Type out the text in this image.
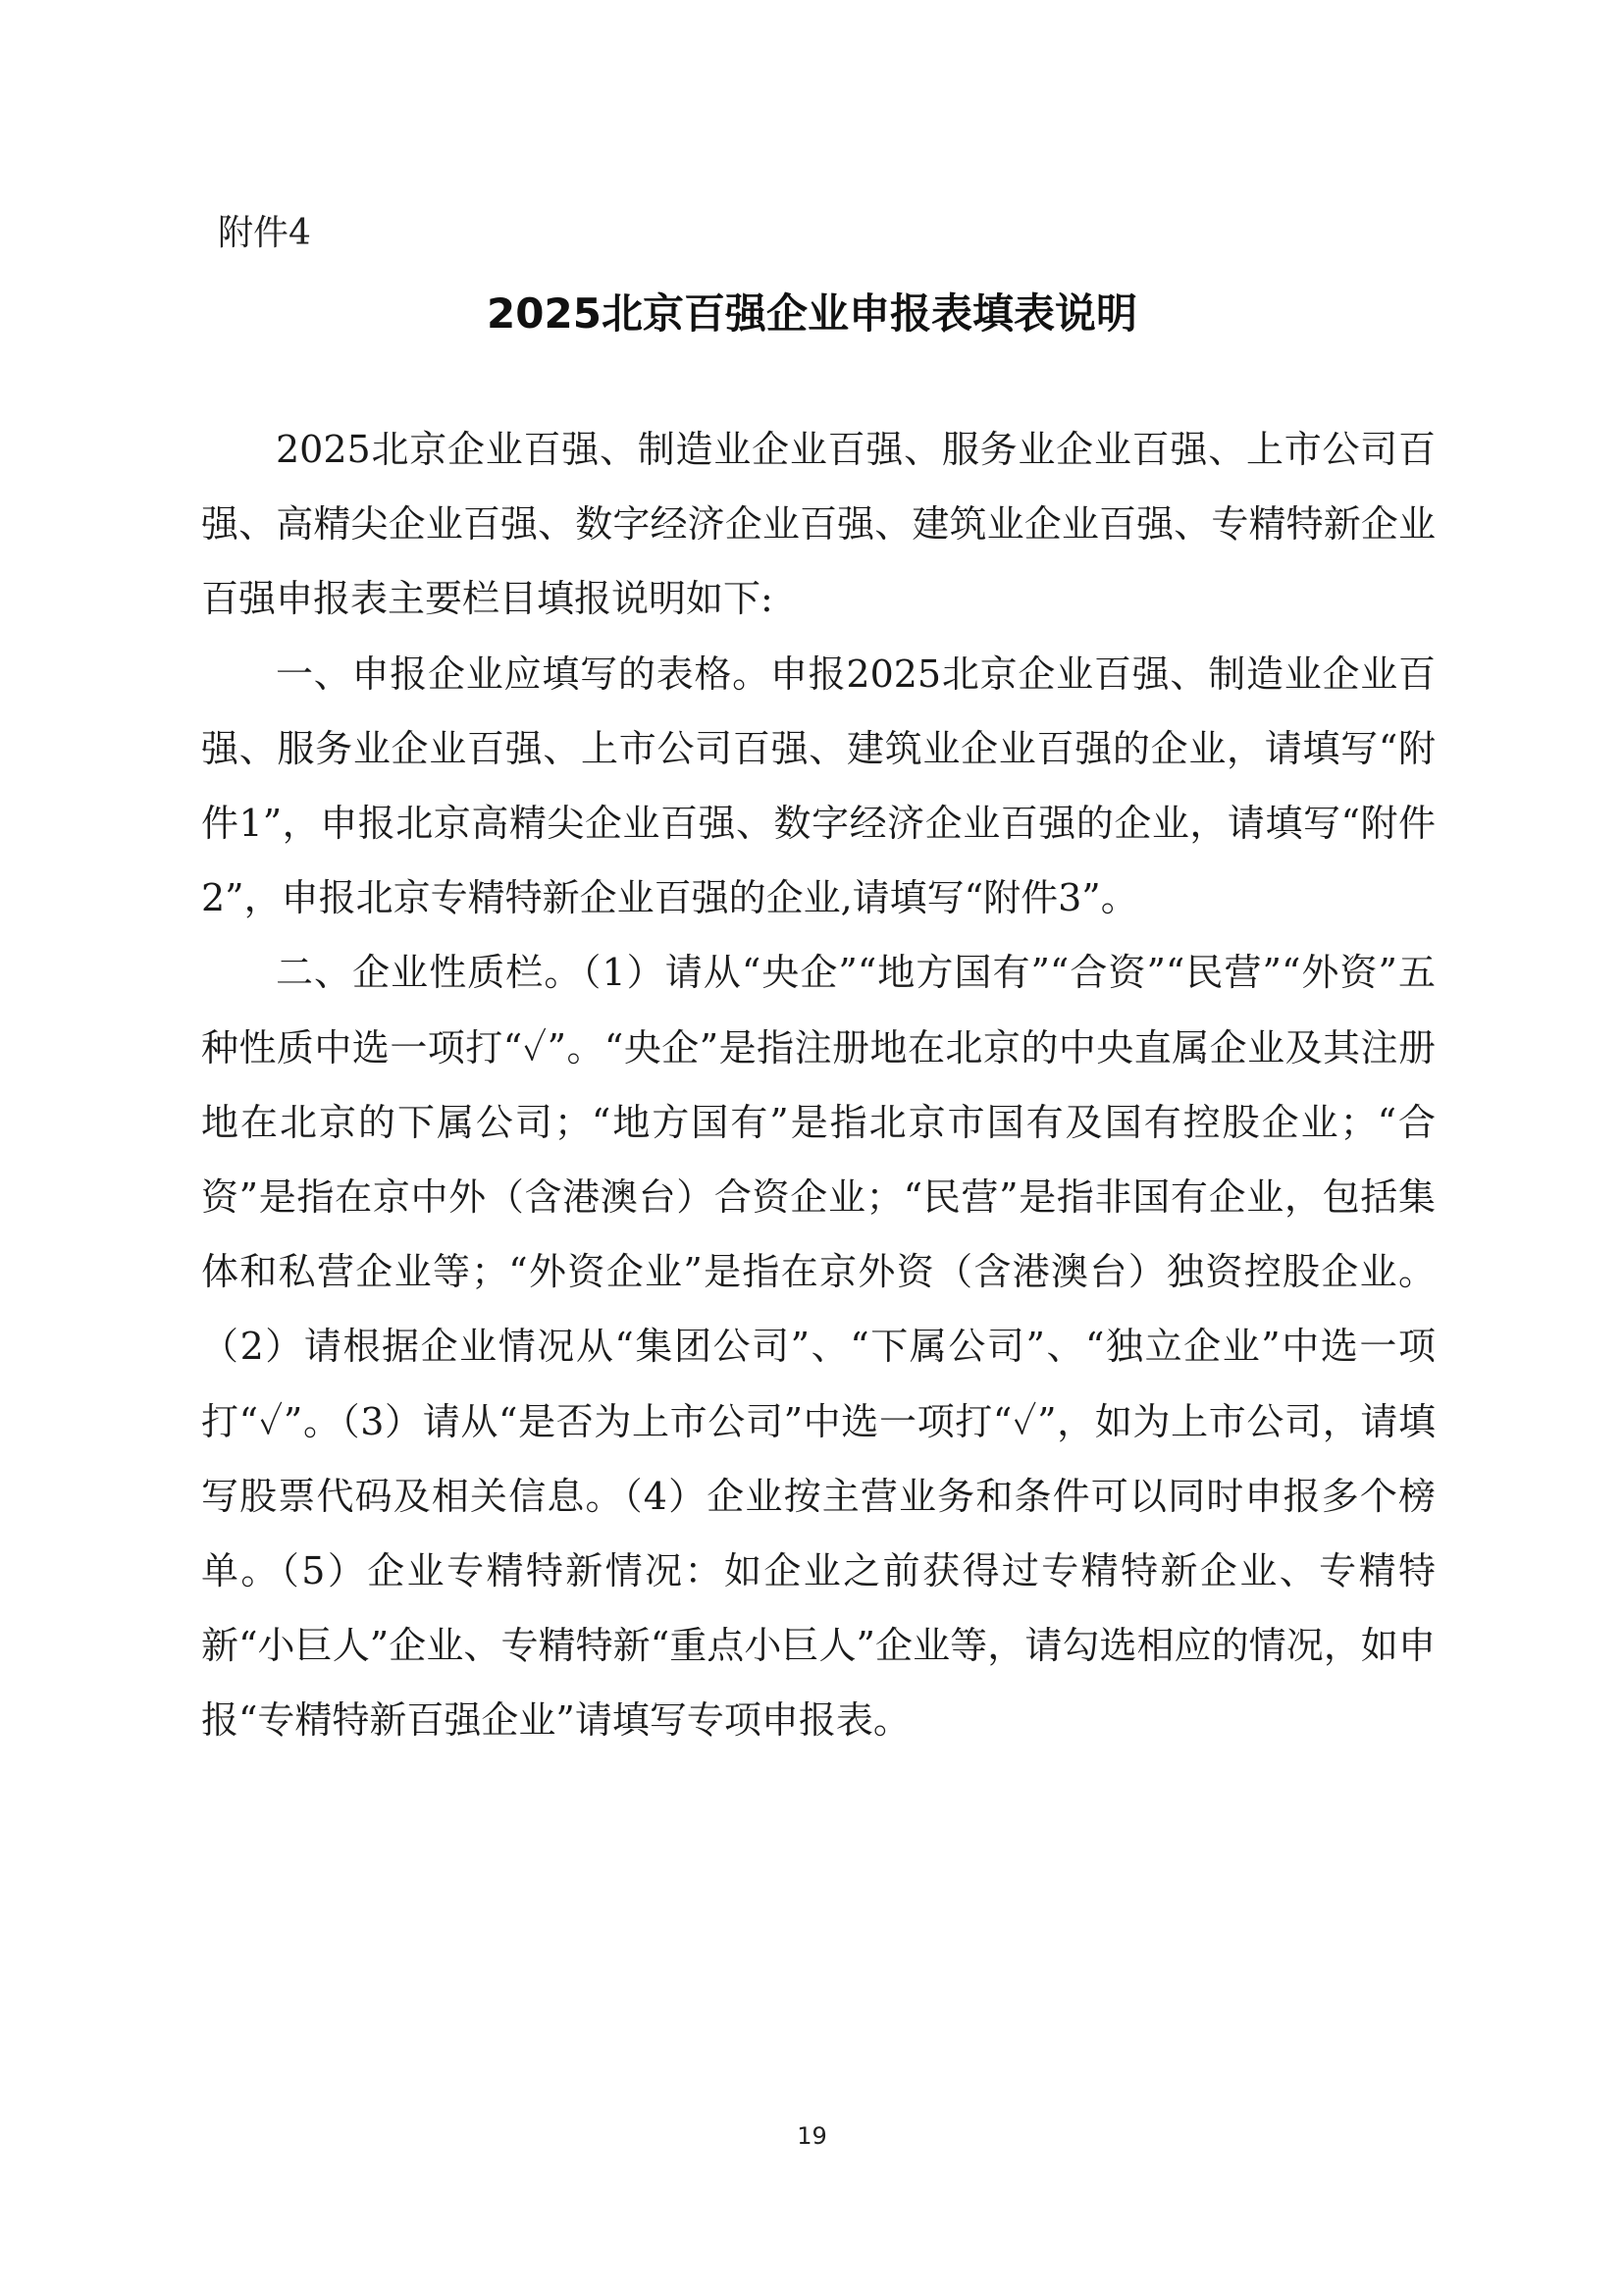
附件4
2025北京百强企业申报表填表说明

2025北京企业百强、制造业企业百强、服务业企业百强、上市公司百强、高精尖企业百强、数字经济企业百强、建筑业企业百强、专精特新企业百强申报表主要栏目填报说明如下:

一、申报企业应填写的表格。申报2025北京企业百强、制造业企业百强、服务业企业百强、上市公司百强、建筑业企业百强的企业，请填写“附件1”，申报北京高精尖企业百强、数字经济企业百强的企业，请填写“附件2”，申报北京专精特新企业百强的企业,请填写“附件3”。

二、企业性质栏。（1）请从“央企”“地方国有”“合资”“民营”“外资”五种性质中选一项打“✓”。“央企”是指注册地在北京的中央直属企业及其注册地在北京的下属公司；“地方国有”是指北京市国有及国有控股企业；“合资”是指在京中外（含港澳台）合资企业；“民营”是指非国有企业，包括集体和私营企业等；“外资企业”是指在京外资（含港澳台）独资控股企业。（2）请根据企业情况从“集团公司”、“下属公司”、“独立企业”中选一项打“✓”。（3）请从“是否为上市公司”中选一项打“✓”，如为上市公司，请填写股票代码及相关信息。（4）企业按主营业务和条件可以同时申报多个榜单。（5）企业专精特新情况：如企业之前获得过专精特新企业、专精特新“小巨人”企业、专精特新“重点小巨人”企业等，请勾选相应的情况，如申报“专精特新百强企业”请填写专项申报表。

19
